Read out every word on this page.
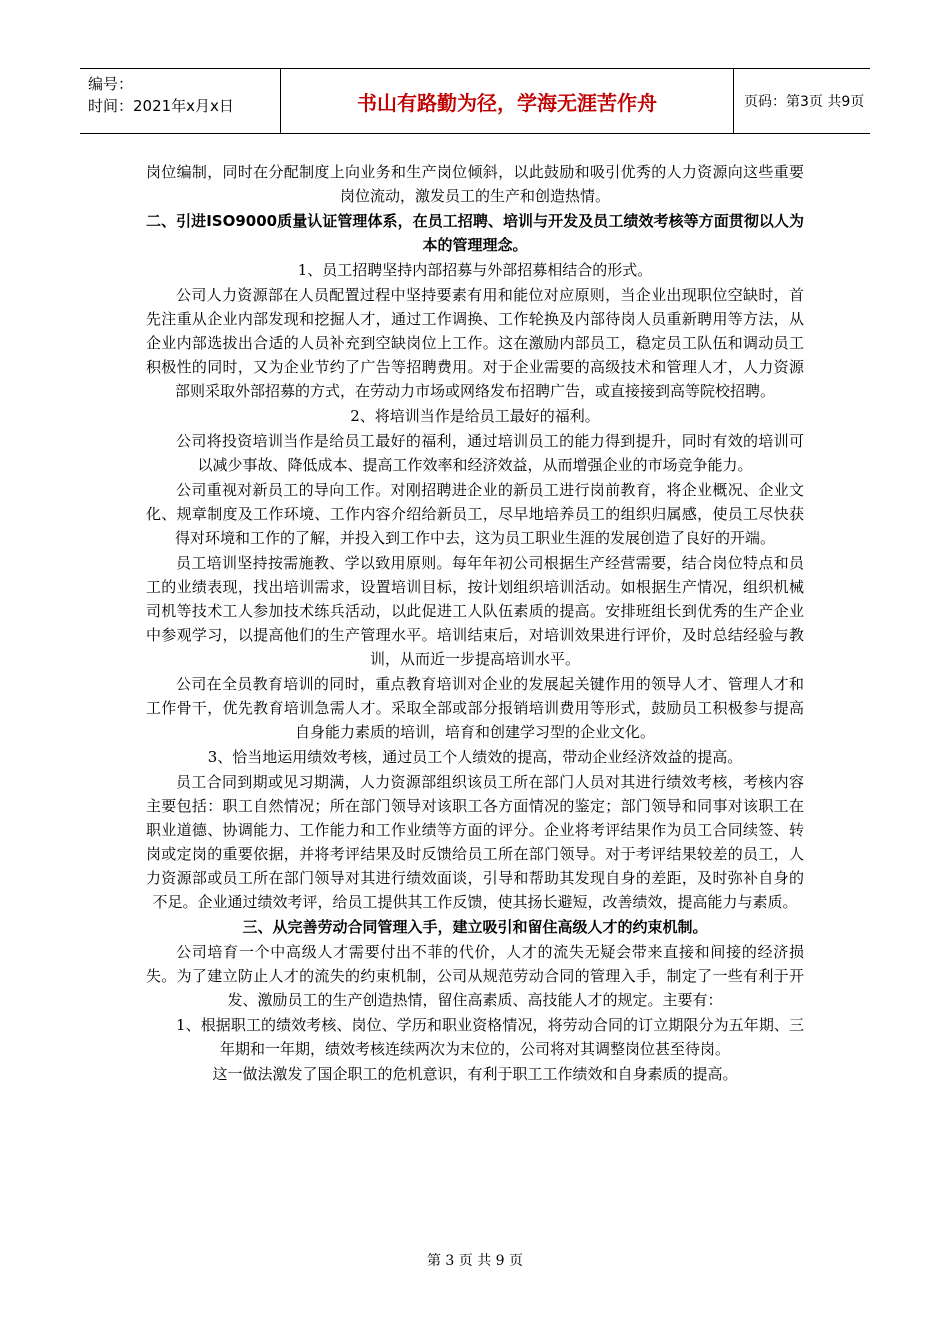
编号：
时间：2021年x月x日	书山有路勤为径，学海无涯苦作舟	页码：第3页 共9页

岗位编制，同时在分配制度上向业务和生产岗位倾斜，以此鼓励和吸引优秀的人力资源向这些重要岗位流动，激发员工的生产和创造热情。

二、引进ISO9000质量认证管理体系，在员工招聘、培训与开发及员工绩效考核等方面贯彻以人为本的管理理念。

1、员工招聘坚持内部招募与外部招募相结合的形式。

公司人力资源部在人员配置过程中坚持要素有用和能位对应原则，当企业出现职位空缺时，首先注重从企业内部发现和挖掘人才，通过工作调换、工作轮换及内部待岗人员重新聘用等方法，从企业内部选拔出合适的人员补充到空缺岗位上工作。这在激励内部员工，稳定员工队伍和调动员工积极性的同时，又为企业节约了广告等招聘费用。对于企业需要的高级技术和管理人才，人力资源部则采取外部招募的方式，在劳动力市场或网络发布招聘广告，或直接接到高等院校招聘。

2、将培训当作是给员工最好的福利。

公司将投资培训当作是给员工最好的福利，通过培训员工的能力得到提升，同时有效的培训可以减少事故、降低成本、提高工作效率和经济效益，从而增强企业的市场竞争能力。

公司重视对新员工的导向工作。对刚招聘进企业的新员工进行岗前教育，将企业概况、企业文化、规章制度及工作环境、工作内容介绍给新员工，尽早地培养员工的组织归属感，使员工尽快获得对环境和工作的了解，并投入到工作中去，这为员工职业生涯的发展创造了良好的开端。

员工培训坚持按需施教、学以致用原则。每年年初公司根据生产经营需要，结合岗位特点和员工的业绩表现，找出培训需求，设置培训目标，按计划组织培训活动。如根据生产情况，组织机械司机等技术工人参加技术练兵活动，以此促进工人队伍素质的提高。安排班组长到优秀的生产企业中参观学习，以提高他们的生产管理水平。培训结束后，对培训效果进行评价，及时总结经验与教训，从而近一步提高培训水平。

公司在全员教育培训的同时，重点教育培训对企业的发展起关键作用的领导人才、管理人才和工作骨干，优先教育培训急需人才。采取全部或部分报销培训费用等形式，鼓励员工积极参与提高自身能力素质的培训，培育和创建学习型的企业文化。

3、恰当地运用绩效考核，通过员工个人绩效的提高，带动企业经济效益的提高。

员工合同到期或见习期满，人力资源部组织该员工所在部门人员对其进行绩效考核，考核内容主要包括：职工自然情况；所在部门领导对该职工各方面情况的鉴定；部门领导和同事对该职工在职业道德、协调能力、工作能力和工作业绩等方面的评分。企业将考评结果作为员工合同续签、转岗或定岗的重要依据，并将考评结果及时反馈给员工所在部门领导。对于考评结果较差的员工，人力资源部或员工所在部门领导对其进行绩效面谈，引导和帮助其发现自身的差距，及时弥补自身的不足。企业通过绩效考评，给员工提供其工作反馈，使其扬长避短，改善绩效，提高能力与素质。

三、从完善劳动合同管理入手，建立吸引和留住高级人才的约束机制。

公司培育一个中高级人才需要付出不菲的代价，人才的流失无疑会带来直接和间接的经济损失。为了建立防止人才的流失的约束机制，公司从规范劳动合同的管理入手，制定了一些有利于开发、激励员工的生产创造热情，留住高素质、高技能人才的规定。主要有：

1、根据职工的绩效考核、岗位、学历和职业资格情况，将劳动合同的订立期限分为五年期、三年期和一年期，绩效考核连续两次为末位的，公司将对其调整岗位甚至待岗。

这一做法激发了国企职工的危机意识，有利于职工工作绩效和自身素质的提高。

第 3 页 共 9 页
